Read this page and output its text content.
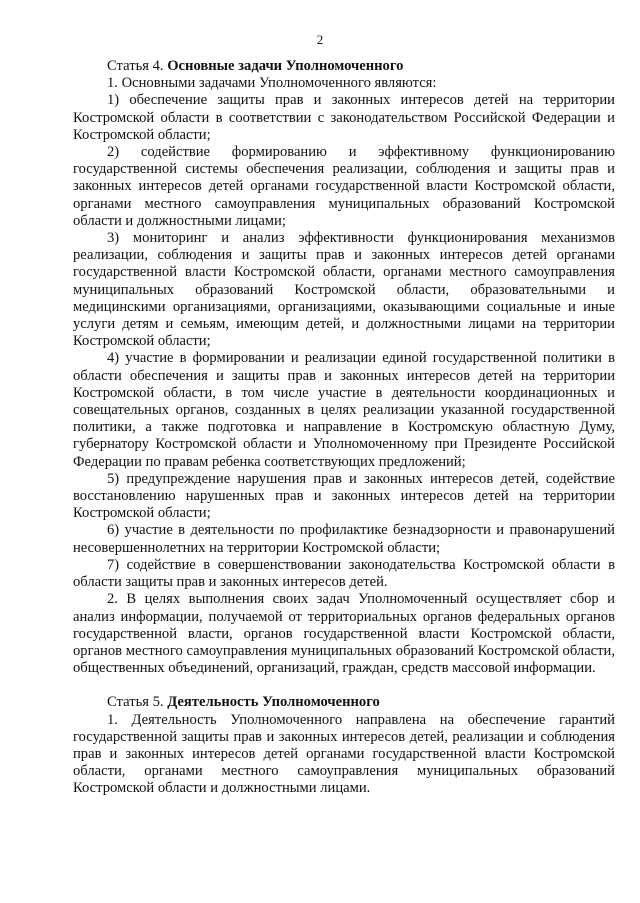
2

Статья 4. Основные задачи Уполномоченного

1. Основными задачами Уполномоченного являются:

1) обеспечение защиты прав и законных интересов детей на территории Костромской области в соответствии с законодательством Российской Федерации и Костромской области;

2) содействие формированию и эффективному функционированию государственной системы обеспечения реализации, соблюдения и защиты прав и законных интересов детей органами государственной власти Костромской области, органами местного самоуправления муниципальных образований Костромской области и должностными лицами;

3) мониторинг и анализ эффективности функционирования механизмов реализации, соблюдения и защиты прав и законных интересов детей органами государственной власти Костромской области, органами местного самоуправления муниципальных образований Костромской области, образовательными и медицинскими организациями, организациями, оказывающими социальные и иные услуги детям и семьям, имеющим детей, и должностными лицами на территории Костромской области;

4) участие в формировании и реализации единой государственной политики в области обеспечения и защиты прав и законных интересов детей на территории Костромской области, в том числе участие в деятельности координационных и совещательных органов, созданных в целях реализации указанной государственной политики, а также подготовка и направление в Костромскую областную Думу, губернатору Костромской области и Уполномоченному при Президенте Российской Федерации по правам ребенка соответствующих предложений;

5) предупреждение нарушения прав и законных интересов детей, содействие восстановлению нарушенных прав и законных интересов детей на территории Костромской области;

6) участие в деятельности по профилактике безнадзорности и правонарушений несовершеннолетних на территории Костромской области;

7) содействие в совершенствовании законодательства Костромской области в области защиты прав и законных интересов детей.

2. В целях выполнения своих задач Уполномоченный осуществляет сбор и анализ информации, получаемой от территориальных органов федеральных органов государственной власти, органов государственной власти Костромской области, органов местного самоуправления муниципальных образований Костромской области, общественных объединений, организаций, граждан, средств массовой информации.

Статья 5. Деятельность Уполномоченного

1. Деятельность Уполномоченного направлена на обеспечение гарантий государственной защиты прав и законных интересов детей, реализации и соблюдения прав и законных интересов детей органами государственной власти Костромской области, органами местного самоуправления муниципальных образований Костромской области и должностными лицами.
